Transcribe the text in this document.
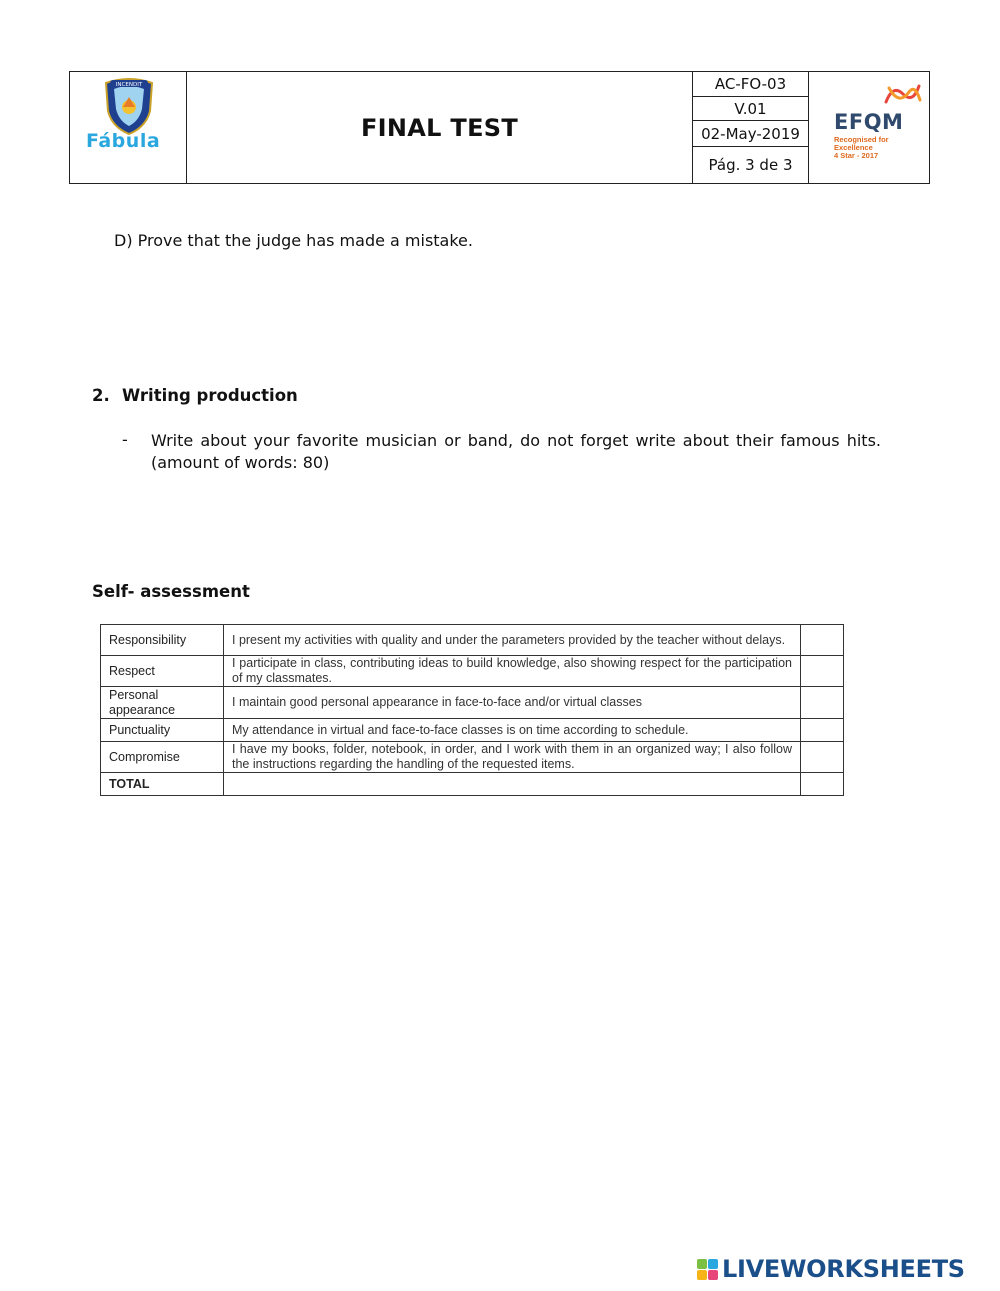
INCENDIT
Fábula	FINAL TEST
AC-FO-03
V.01
02-May-2019
Pág. 3 de 3
EFQM
Recognised for Excellence
4 Star - 2017
D) Prove that the judge has made a mistake.
2. Writing production
- Write about your favorite musician or band, do not forget write about their famous hits. (amount of words: 80)
Self- assessment
Responsibility	I present my activities with quality and under the parameters provided by the teacher without delays.	
Respect	I participate in class, contributing ideas to build knowledge, also showing respect for the participation of my classmates.	
Personal appearance	I maintain good personal appearance in face-to-face and/or virtual classes	
Punctuality	My attendance in virtual and face-to-face classes is on time according to schedule.	
Compromise	I have my books, folder, notebook, in order, and I work with them in an organized way; I also follow the instructions regarding the handling of the requested items.	
TOTAL		
LIVEWORKSHEETS
